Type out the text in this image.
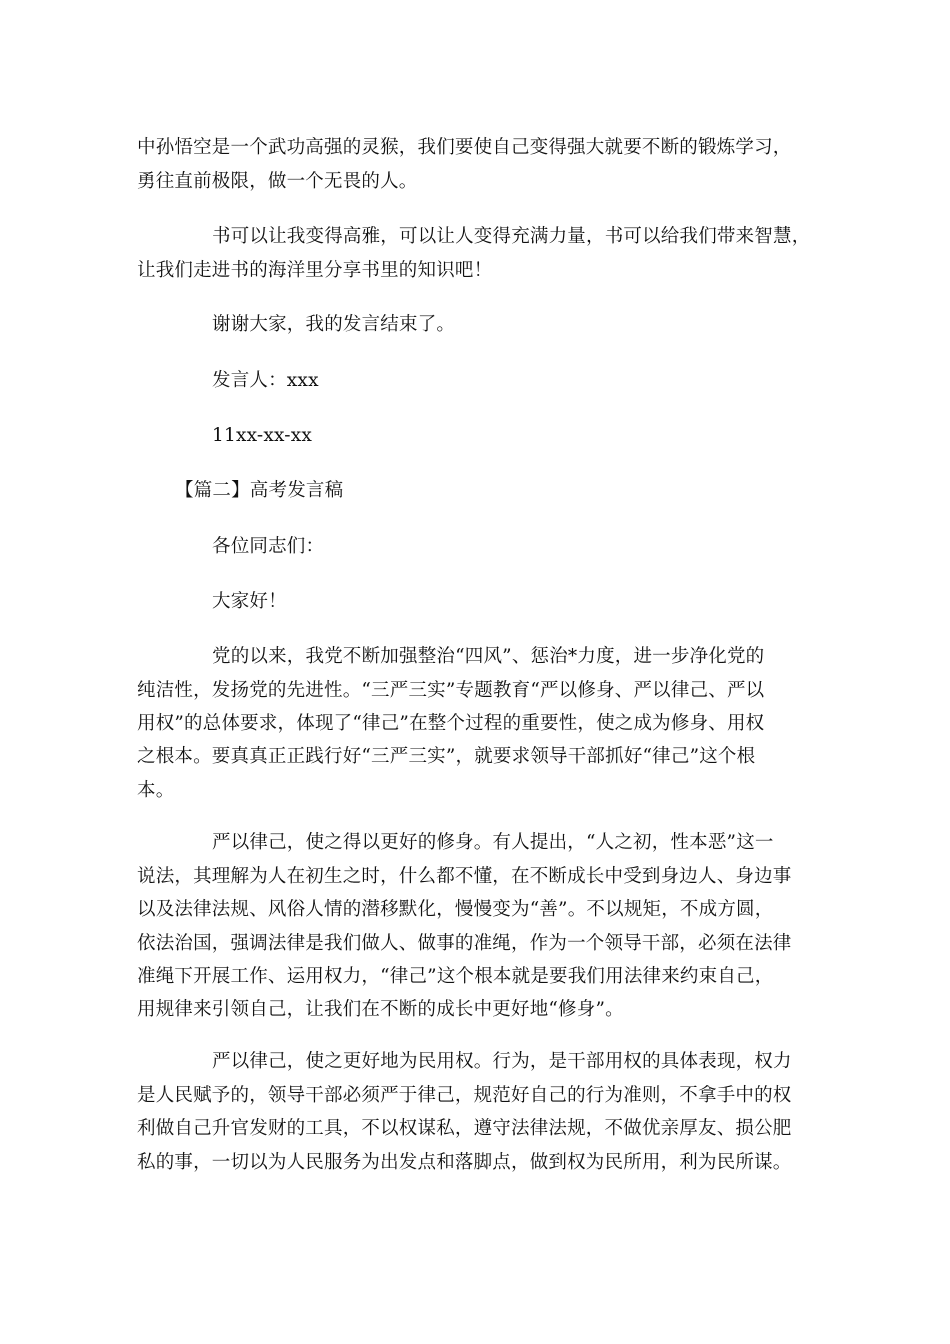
中孙悟空是一个武功高强的灵猴，我们要使自己变得强大就要不断的锻炼学习，
勇往直前极限，做一个无畏的人。
书可以让我变得高雅，可以让人变得充满力量，书可以给我们带来智慧，
让我们走进书的海洋里分享书里的知识吧！
谢谢大家，我的发言结束了。
发言人：xxx
11xx-xx-xx
【篇二】高考发言稿
各位同志们：
大家好！
党的以来，我党不断加强整治“四风”、惩治*力度，进一步净化党的
纯洁性，发扬党的先进性。“三严三实”专题教育“严以修身、严以律己、严以
用权”的总体要求，体现了“律己”在整个过程的重要性，使之成为修身、用权
之根本。要真真正正践行好“三严三实”，就要求领导干部抓好“律己”这个根
本。
严以律己，使之得以更好的修身。有人提出，“人之初，性本恶”这一
说法，其理解为人在初生之时，什么都不懂，在不断成长中受到身边人、身边事
以及法律法规、风俗人情的潜移默化，慢慢变为“善”。不以规矩，不成方圆，
依法治国，强调法律是我们做人、做事的准绳，作为一个领导干部，必须在法律
准绳下开展工作、运用权力，“律己”这个根本就是要我们用法律来约束自己，
用规律来引领自己，让我们在不断的成长中更好地“修身”。
严以律己，使之更好地为民用权。行为，是干部用权的具体表现，权力
是人民赋予的，领导干部必须严于律己，规范好自己的行为准则，不拿手中的权
利做自己升官发财的工具，不以权谋私，遵守法律法规，不做优亲厚友、损公肥
私的事，一切以为人民服务为出发点和落脚点，做到权为民所用，利为民所谋。
